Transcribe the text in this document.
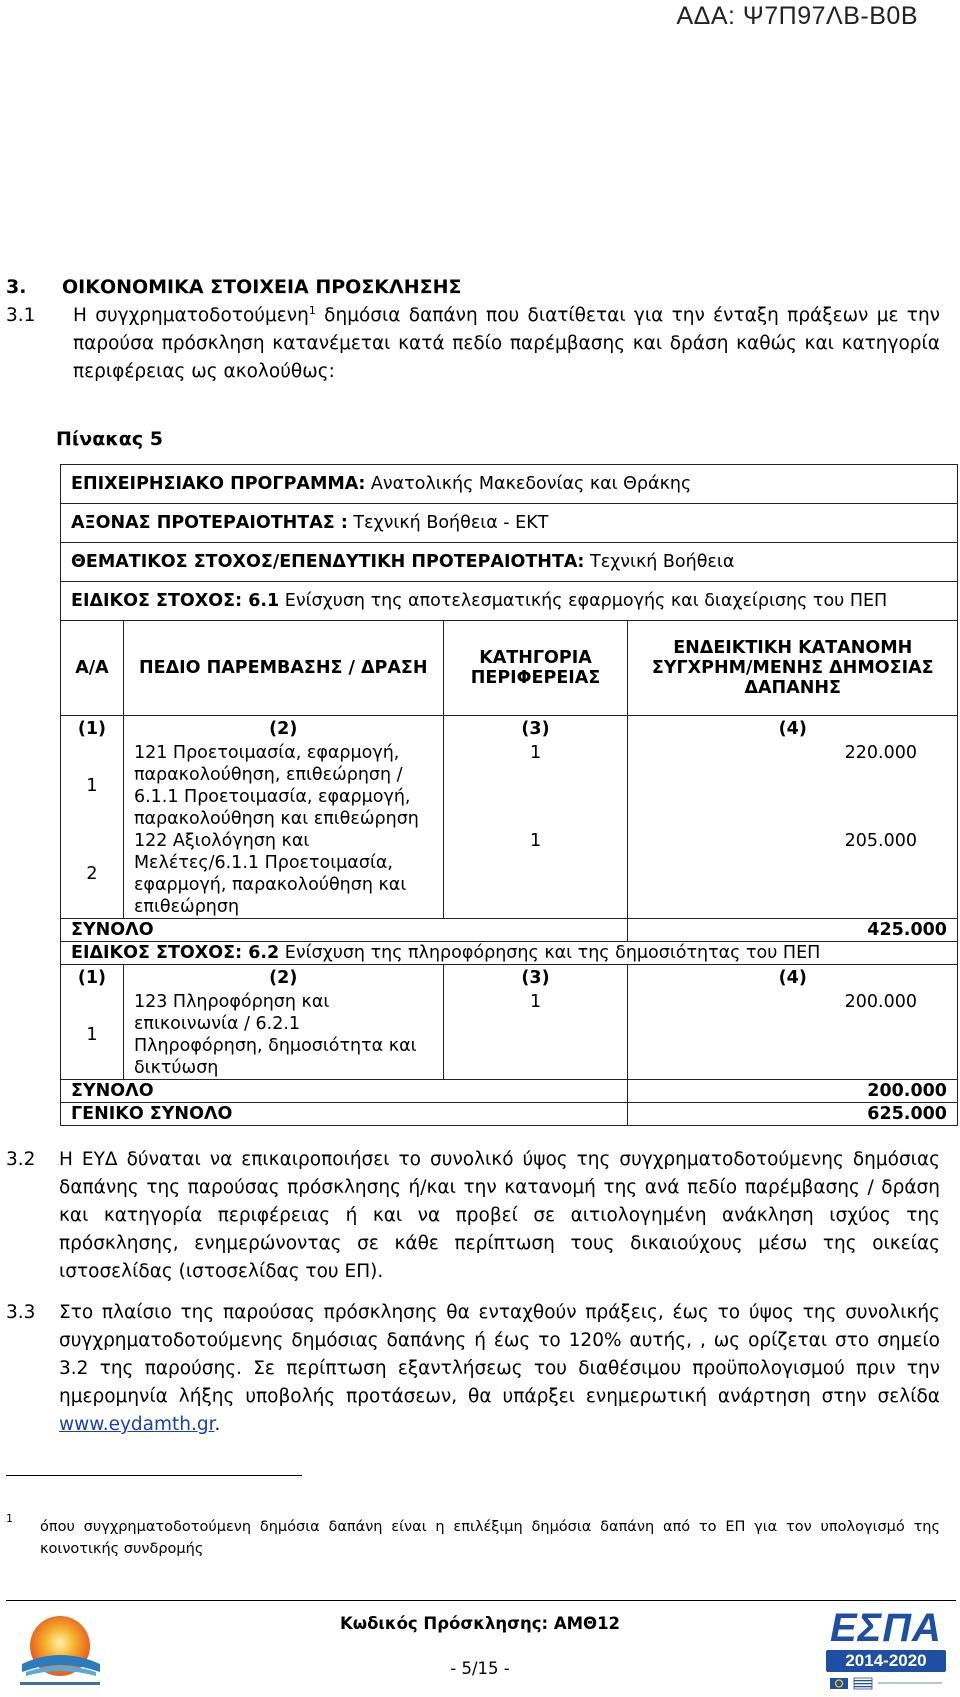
ΑΔΑ: Ψ7Π97ΛΒ-Β0Β
3. ΟΙΚΟΝΟΜΙΚΑ ΣΤΟΙΧΕΙΑ ΠΡΟΣΚΛΗΣΗΣ
3.1 Η συγχρηματοδοτούμενη$^1$ δημόσια δαπάνη που διατίθεται για την ένταξη πράξεων με την παρούσα πρόσκληση κατανέμεται κατά πεδίο παρέμβασης και δράση καθώς και κατηγορία περιφέρειας ως ακολούθως:
Πίνακας 5
ΕΠΙΧΕΙΡΗΣΙΑΚΟ ΠΡΟΓΡΑΜΜΑ: Ανατολικής Μακεδονίας και Θράκης			
ΑΞΟΝΑΣ ΠΡΟΤΕΡΑΙΟΤΗΤΑΣ : Τεχνική Βοήθεια - ΕΚΤ			
ΘΕΜΑΤΙΚΟΣ ΣΤΟΧΟΣ/ΕΠΕΝΔΥΤΙΚΗ ΠΡΟΤΕΡΑΙΟΤΗΤΑ: Τεχνική Βοήθεια			
ΕΙΔΙΚΟΣ ΣΤΟΧΟΣ: 6.1 Ενίσχυση της αποτελεσματικής εφαρμογής και διαχείρισης του ΠΕΠ			
Α/Α	ΠΕΔΙΟ ΠΑΡΕΜΒΑΣΗΣ / ΔΡΑΣΗ	ΚΑΤΗΓΟΡΙΑ ΠΕΡΙΦΕΡΕΙΑΣ	ΕΝΔΕΙΚΤΙΚΗ ΚΑΤΑΝΟΜΗ ΣΥΓΧΡΗΜ/ΜΕΝΗΣ ΔΗΜΟΣΙΑΣ ΔΑΠΑΝΗΣ
(1)	(2)	(3)	(4)
1	121 Προετοιμασία, εφαρμογή, παρακολούθηση, επιθεώρηση / 6.1.1 Προετοιμασία, εφαρμογή, παρακολούθηση και επιθεώρηση	1	220.000
2	122 Αξιολόγηση και Μελέτες/6.1.1 Προετοιμασία, εφαρμογή, παρακολούθηση και επιθεώρηση	1	205.000
ΣΥΝΟΛΟ			425.000
ΕΙΔΙΚΟΣ ΣΤΟΧΟΣ: 6.2 Ενίσχυση της πληροφόρησης και της δημοσιότητας του ΠΕΠ			
(1)	(2)	(3)	(4)
1	123 Πληροφόρηση και επικοινωνία / 6.2.1 Πληροφόρηση, δημοσιότητα και δικτύωση	1	200.000
ΣΥΝΟΛΟ			200.000
ΓΕΝΙΚΟ ΣΥΝΟΛΟ			625.000
3.2 Η ΕΥΔ δύναται να επικαιροποιήσει το συνολικό ύψος της συγχρηματοδοτούμενης δημόσιας δαπάνης της παρούσας πρόσκλησης ή/και την κατανομή της ανά πεδίο παρέμβασης / δράση και κατηγορία περιφέρειας ή και να προβεί σε αιτιολογημένη ανάκληση ισχύος της πρόσκλησης, ενημερώνοντας σε κάθε περίπτωση τους δικαιούχους μέσω της οικείας ιστοσελίδας (ιστοσελίδας του ΕΠ).
3.3 Στο πλαίσιο της παρούσας πρόσκλησης θα ενταχθούν πράξεις, έως το ύψος της συνολικής συγχρηματοδοτούμενης δημόσιας δαπάνης ή έως το 120% αυτής, , ως ορίζεται στο σημείο 3.2 της παρούσης. Σε περίπτωση εξαντλήσεως του διαθέσιμου προϋπολογισμού πριν την ημερομηνία λήξης υποβολής προτάσεων, θα υπάρξει ενημερωτική ανάρτηση στην σελίδα www.eydamth.gr.
1
όπου συγχρηματοδοτούμενη δημόσια δαπάνη είναι η επιλέξιμη δημόσια δαπάνη από το ΕΠ για τον υπολογισμό της κοινοτικής συνδρομής
Κωδικός Πρόσκλησης: ΑΜΘ12
- 5/15 -
ΕΣΠΑ
2014-2020
